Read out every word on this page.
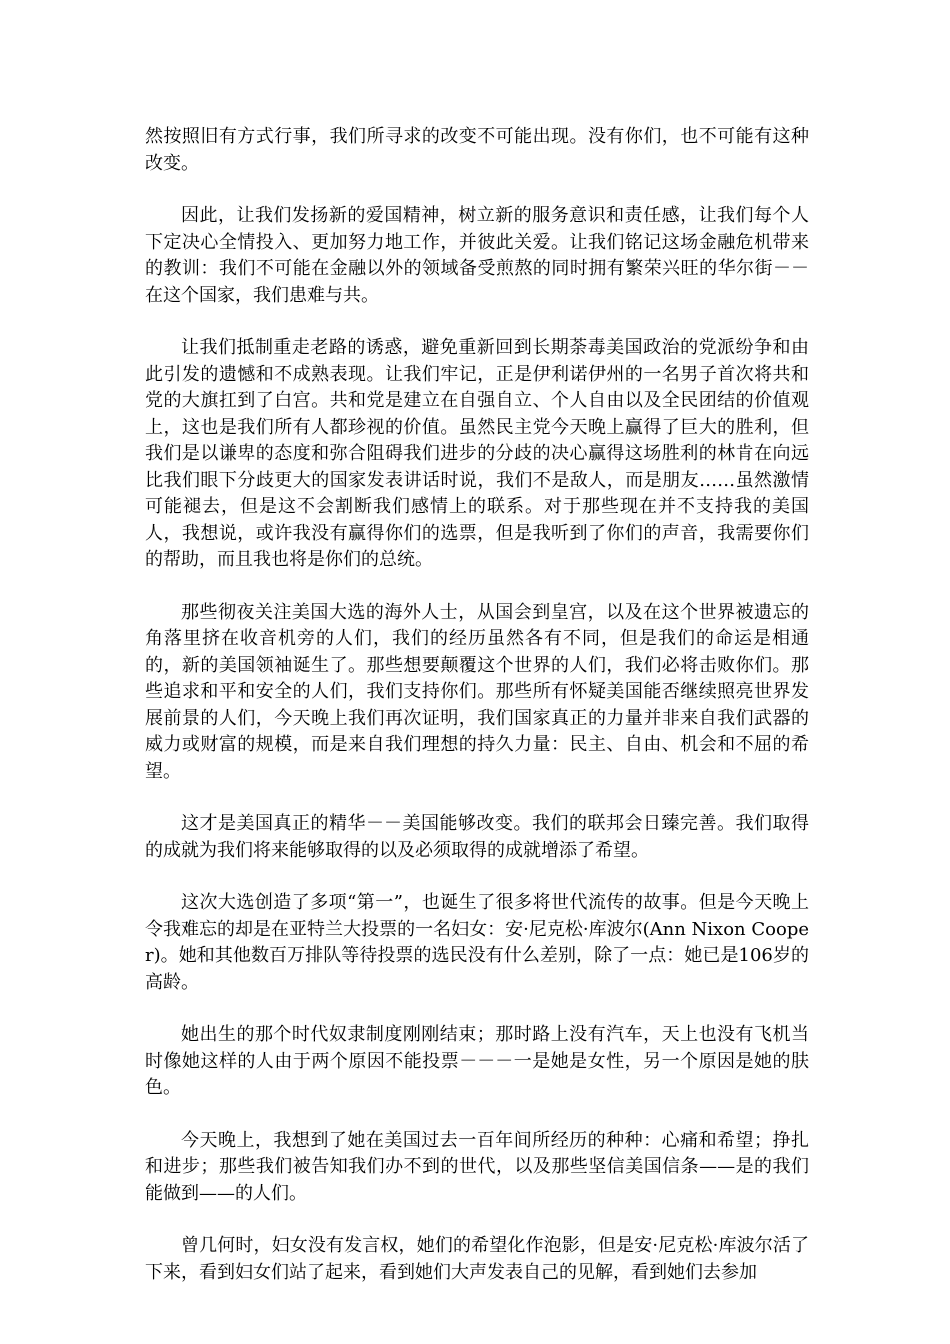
然按照旧有方式行事，我们所寻求的改变不可能出现。没有你们，也不可能有这种改变。

因此，让我们发扬新的爱国精神，树立新的服务意识和责任感，让我们每个人下定决心全情投入、更加努力地工作，并彼此关爱。让我们铭记这场金融危机带来的教训：我们不可能在金融以外的领域备受煎熬的同时拥有繁荣兴旺的华尔街－－在这个国家，我们患难与共。

让我们抵制重走老路的诱惑，避免重新回到长期荼毒美国政治的党派纷争和由此引发的遗憾和不成熟表现。让我们牢记，正是伊利诺伊州的一名男子首次将共和党的大旗扛到了白宫。共和党是建立在自强自立、个人自由以及全民团结的价值观上，这也是我们所有人都珍视的价值。虽然民主党今天晚上赢得了巨大的胜利，但我们是以谦卑的态度和弥合阻碍我们进步的分歧的决心赢得这场胜利的林肯在向远比我们眼下分歧更大的国家发表讲话时说，我们不是敌人，而是朋友……虽然激情可能褪去，但是这不会割断我们感情上的联系。对于那些现在并不支持我的美国人，我想说，或许我没有赢得你们的选票，但是我听到了你们的声音，我需要你们的帮助，而且我也将是你们的总统。

那些彻夜关注美国大选的海外人士，从国会到皇宫，以及在这个世界被遗忘的角落里挤在收音机旁的人们，我们的经历虽然各有不同，但是我们的命运是相通的，新的美国领袖诞生了。那些想要颠覆这个世界的人们，我们必将击败你们。那些追求和平和安全的人们，我们支持你们。那些所有怀疑美国能否继续照亮世界发展前景的人们，今天晚上我们再次证明，我们国家真正的力量并非来自我们武器的威力或财富的规模，而是来自我们理想的持久力量：民主、自由、机会和不屈的希望。

这才是美国真正的精华－－美国能够改变。我们的联邦会日臻完善。我们取得的成就为我们将来能够取得的以及必须取得的成就增添了希望。

这次大选创造了多项“第一”，也诞生了很多将世代流传的故事。但是今天晚上令我难忘的却是在亚特兰大投票的一名妇女：安·尼克松·库波尔(Ann Nixon Cooper)。她和其他数百万排队等待投票的选民没有什么差别，除了一点：她已是106岁的高龄。

她出生的那个时代奴隶制度刚刚结束；那时路上没有汽车，天上也没有飞机当时像她这样的人由于两个原因不能投票－－－一是她是女性，另一个原因是她的肤色。

今天晚上，我想到了她在美国过去一百年间所经历的种种：心痛和希望；挣扎和进步；那些我们被告知我们办不到的世代，以及那些坚信美国信条——是的我们能做到——的人们。

曾几何时，妇女没有发言权，她们的希望化作泡影，但是安·尼克松·库波尔活了下来，看到妇女们站了起来，看到她们大声发表自己的见解，看到她们去参加
